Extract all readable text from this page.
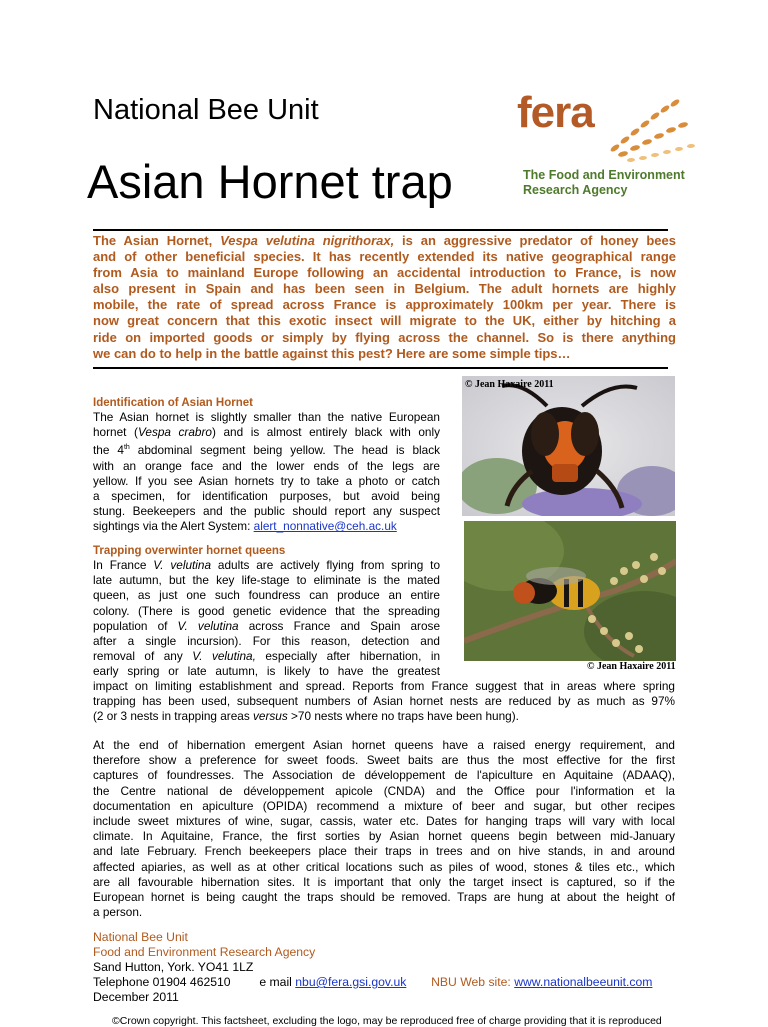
National Bee Unit
Asian Hornet trap
fera
The Food and Environment
Research Agency
The Asian Hornet, Vespa velutina nigrithorax, is an aggressive predator of honey bees
and of other beneficial species. It has recently extended its native geographical range
from Asia to mainland Europe following an accidental introduction to France, is now
also present in Spain and has been seen in Belgium. The adult hornets are highly
mobile, the rate of spread across France is approximately 100km per year. There is
now great concern that this exotic insect will migrate to the UK, either by hitching a
ride on imported goods or simply by flying across the channel. So is there anything
we can do to help in the battle against this pest? Here are some simple tips…
© Jean Haxaire 2011
© Jean Haxaire 2011
Identification of Asian Hornet
The Asian hornet is slightly smaller than the native European
hornet (Vespa crabro) and is almost entirely black with only
the 4th abdominal segment being yellow. The head is black
with an orange face and the lower ends of the legs are
yellow. If you see Asian hornets try to take a photo or catch
a specimen, for identification purposes, but avoid being
stung. Beekeepers and the public should report any suspect
sightings via the Alert System: alert_nonnative@ceh.ac.uk
Trapping overwinter hornet queens
In France V. velutina adults are actively flying from spring to
late autumn, but the key life-stage to eliminate is the mated
queen, as just one such foundress can produce an entire
colony. (There is good genetic evidence that the spreading
population of V. velutina across France and Spain arose
after a single incursion). For this reason, detection and
removal of any V. velutina, especially after hibernation, in
early spring or late autumn, is likely to have the greatest
impact on limiting establishment and spread. Reports from France suggest that in areas where spring
trapping has been used, subsequent numbers of Asian hornet nests are reduced by as much as 97%
(2 or 3 nests in trapping areas versus >70 nests where no traps have been hung).
At the end of hibernation emergent Asian hornet queens have a raised energy requirement, and
therefore show a preference for sweet foods. Sweet baits are thus the most effective for the first
captures of foundresses. The Association de développement de l'apiculture en Aquitaine (ADAAQ),
the Centre national de développement apicole (CNDA) and the Office pour l'information et la
documentation en apiculture (OPIDA) recommend a mixture of beer and sugar, but other recipes
include sweet mixtures of wine, sugar, cassis, water etc. Dates for hanging traps will vary with local
climate. In Aquitaine, France, the first sorties by Asian hornet queens begin between mid-January
and late February. French beekeepers place their traps in trees and on hive stands, in and around
affected apiaries, as well as at other critical locations such as piles of wood, stones & tiles etc., which
are all favourable hibernation sites. It is important that only the target insect is captured, so if the
European hornet is being caught the traps should be removed. Traps are hung at about the height of
a person.
National Bee Unit
Food and Environment Research Agency
Sand Hutton, York. YO41 1LZ
Telephone 01904 462510 e mail nbu@fera.gsi.gov.uk NBU Web site: www.nationalbeeunit.com
December 2011
©Crown copyright. This factsheet, excluding the logo, may be reproduced free of charge providing that it is reproduced
